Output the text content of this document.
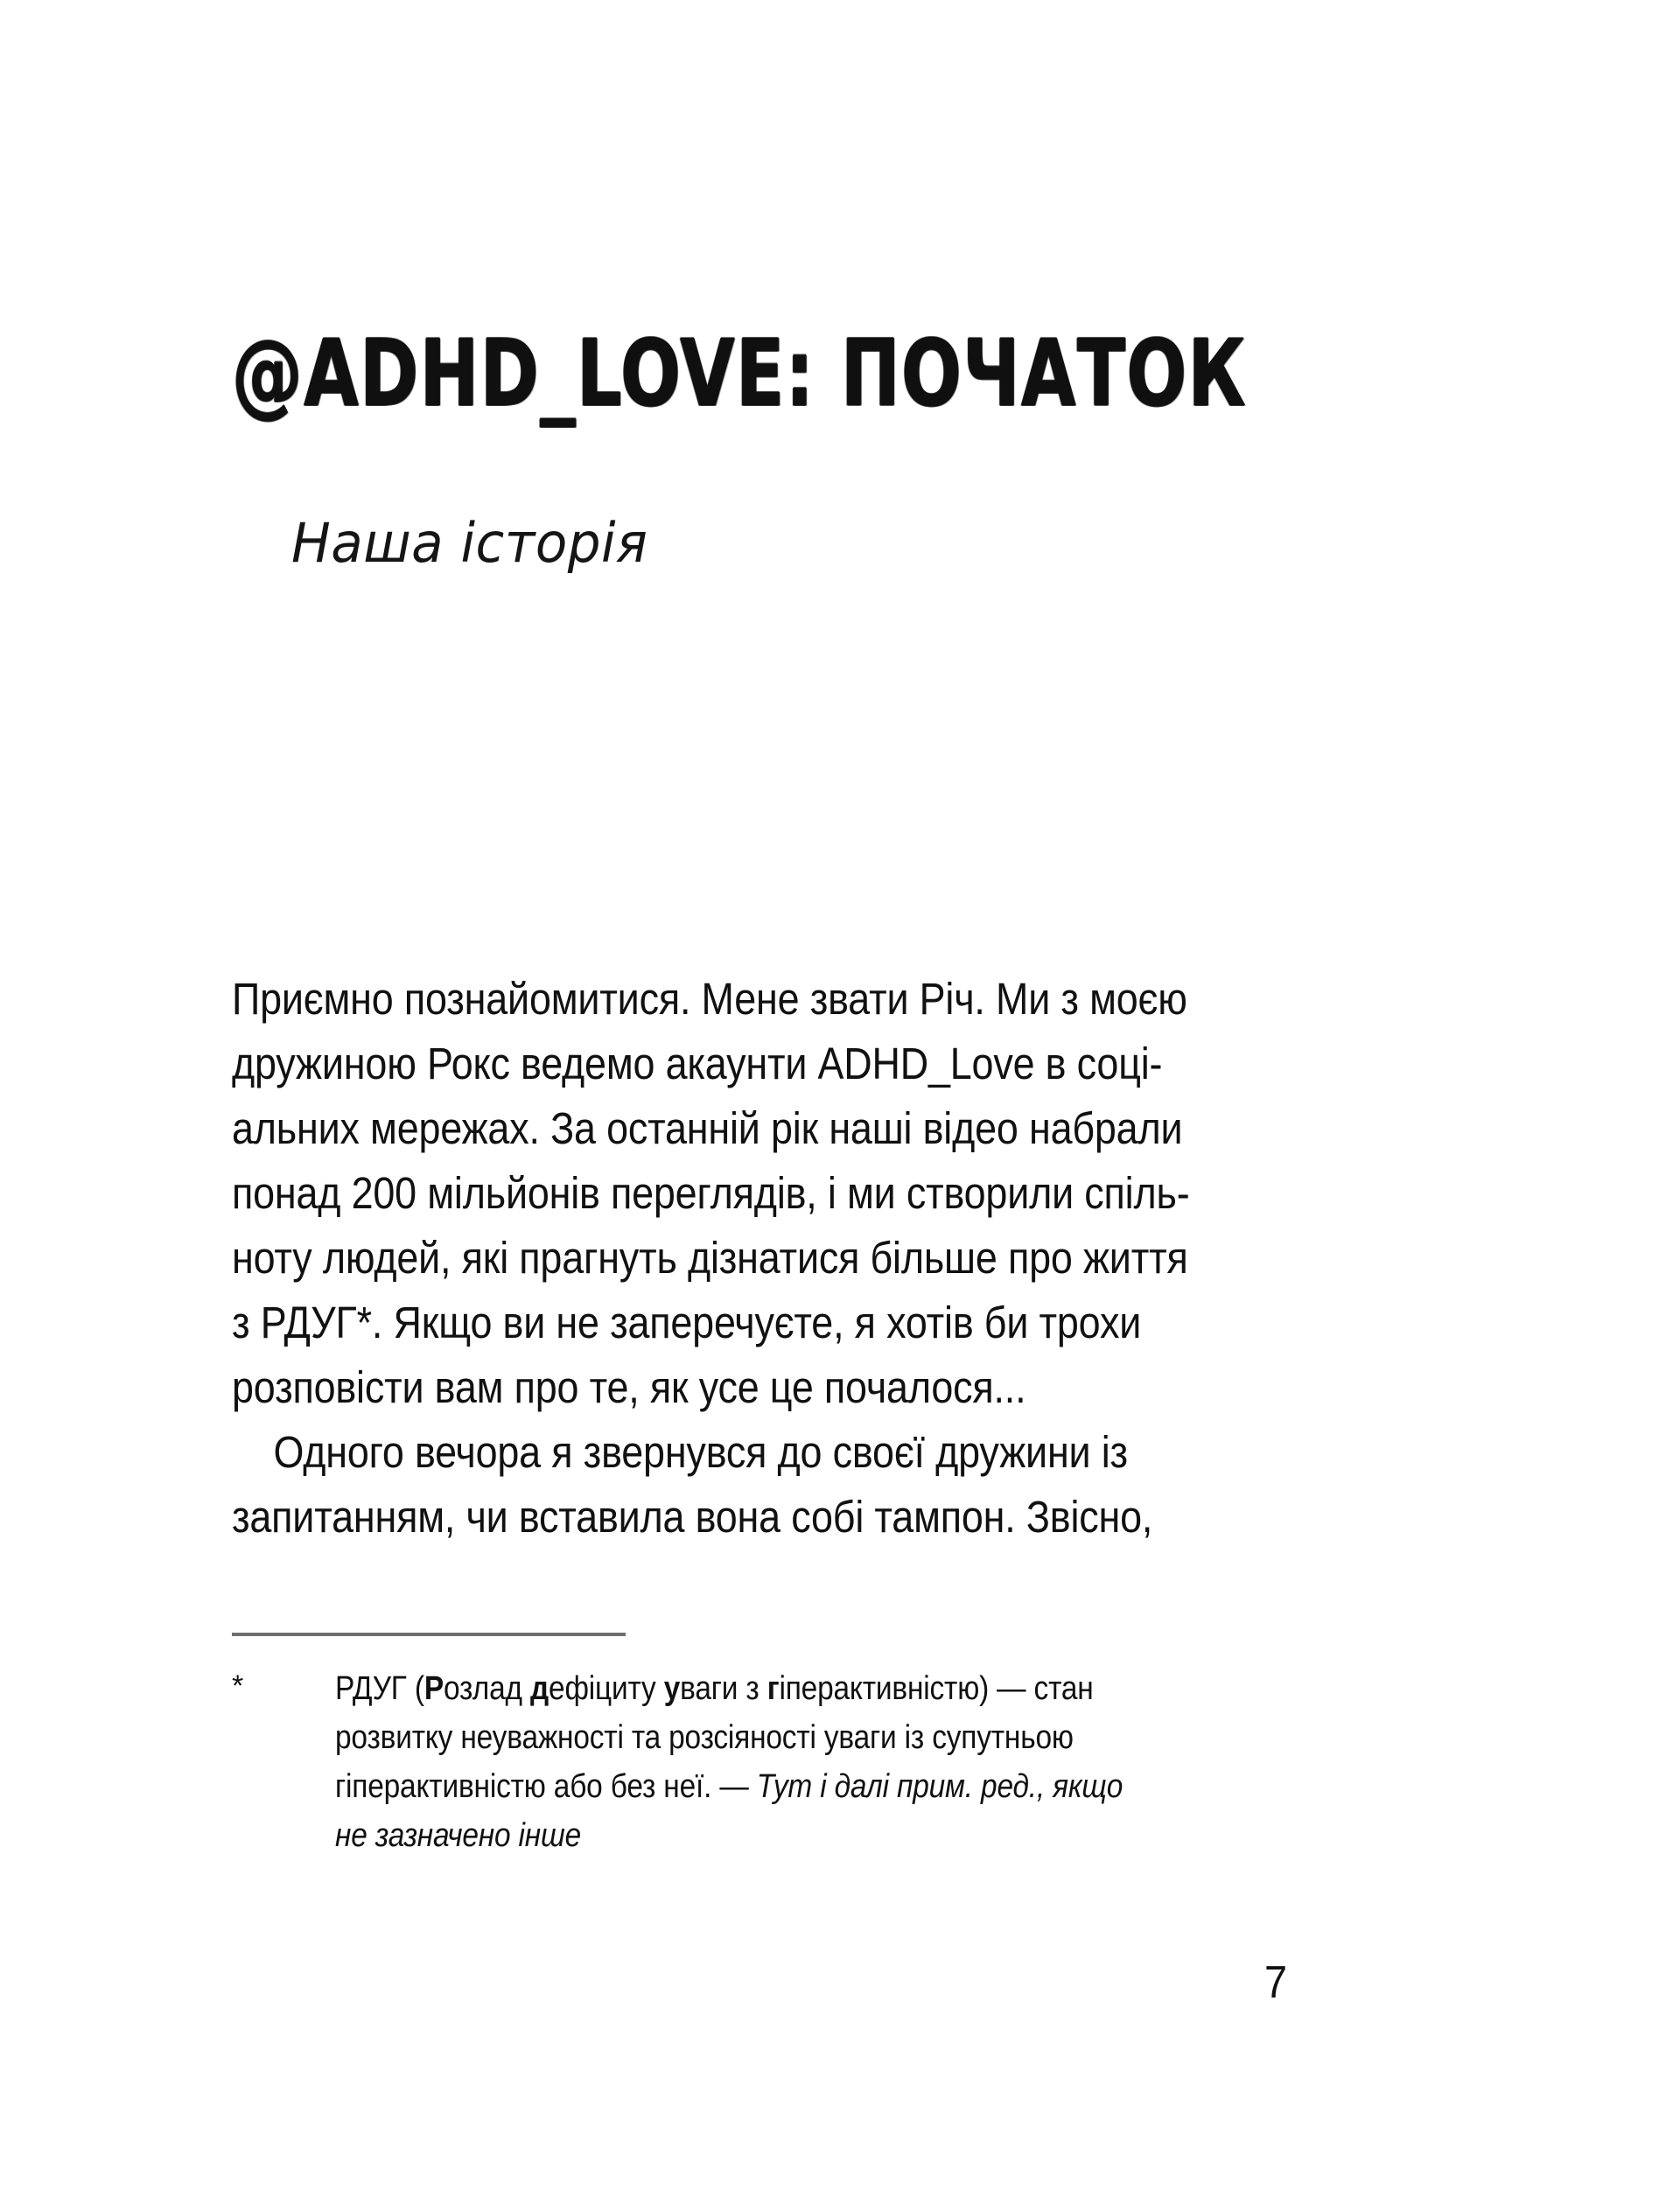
@ADHD_LOVE: ПОЧАТОК
Наша історія
Приємно познайомитися. Мене звати Річ. Ми з моєю
дружиною Рокс ведемо акаунти ADHD_Love в соці-
альних мережах. За останній рік наші відео набрали
понад 200 мільйонів переглядів, і ми створили спіль-
ноту людей, які прагнуть дізнатися більше про життя
з РДУГ*. Якщо ви не заперечуєте, я хотів би трохи
розповісти вам про те, як усе це почалося...
Одного вечора я звернувся до своєї дружини із
запитанням, чи вставила вона собі тампон. Звісно,
*	РДУГ (Розлад дефіциту уваги з гіперактивністю) — стан
розвитку неуважності та розсіяності уваги із супутньою
гіперактивністю або без неї. — Тут і далі прим. ред., якщо
не зазначено інше
7
